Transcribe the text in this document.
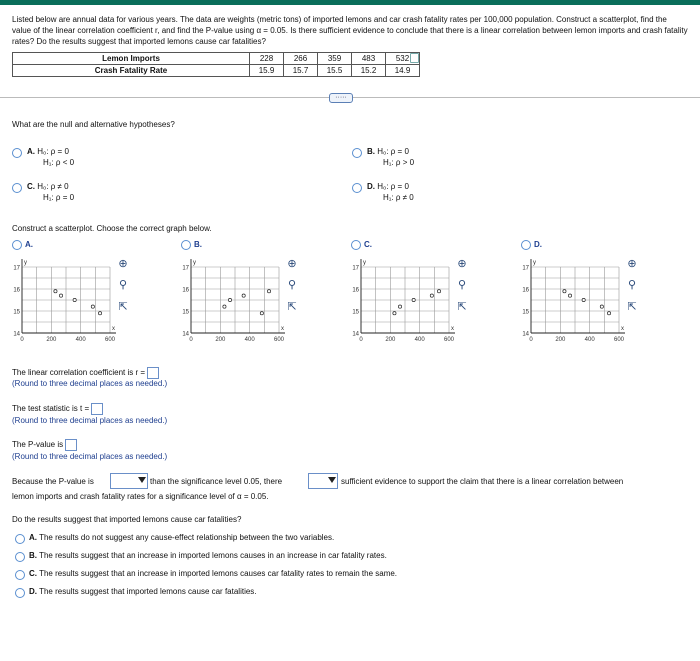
Listed below are annual data for various years. The data are weights (metric tons) of imported lemons and car crash fatality rates per 100,000 population. Construct a scatterplot, find the value of the linear correlation coefficient r, and find the P-value using α = 0.05. Is there sufficient evidence to conclude that there is a linear correlation between lemon imports and crash fatality rates? Do the results suggest that imported lemons cause car fatalities?
Lemon Imports	228	266	359	483	532
Crash Fatality Rate	15.9	15.7	15.5	15.2	14.9
·····
What are the null and alternative hypotheses?
A. H₀: ρ = 0
H₁: ρ < 0
B. H₀: ρ = 0
H₁: ρ > 0
C. H₀: ρ ≠ 0
H₁: ρ = 0
D. H₀: ρ = 0
H₁: ρ ≠ 0
Construct a scatterplot. Choose the correct graph below.
A.	B.	C.	D.
17
16
15
14
0	200	400	600
x
y
17
16
15
14
0	200	400	600
x
y
17
16
15
14
0	200	400	600
x
y
17
16
15
14
0	200	400	600
x
y
⊕
⚲
⇱
⊕
⚲
⇱
⊕
⚲
⇱
⊕
⚲
⇱
The linear correlation coefficient is r =
(Round to three decimal places as needed.)
The test statistic is t =
(Round to three decimal places as needed.)
The P-value is
(Round to three decimal places as needed.)
Because the P-value is	than the significance level 0.05, there	sufficient evidence to support the claim that there is a linear correlation between
lemon imports and crash fatality rates for a significance level of α = 0.05.
Do the results suggest that imported lemons cause car fatalities?
A. The results do not suggest any cause-effect relationship between the two variables.
B. The results suggest that an increase in imported lemons causes in an increase in car fatality rates.
C. The results suggest that an increase in imported lemons causes car fatality rates to remain the same.
D. The results suggest that imported lemons cause car fatalities.
